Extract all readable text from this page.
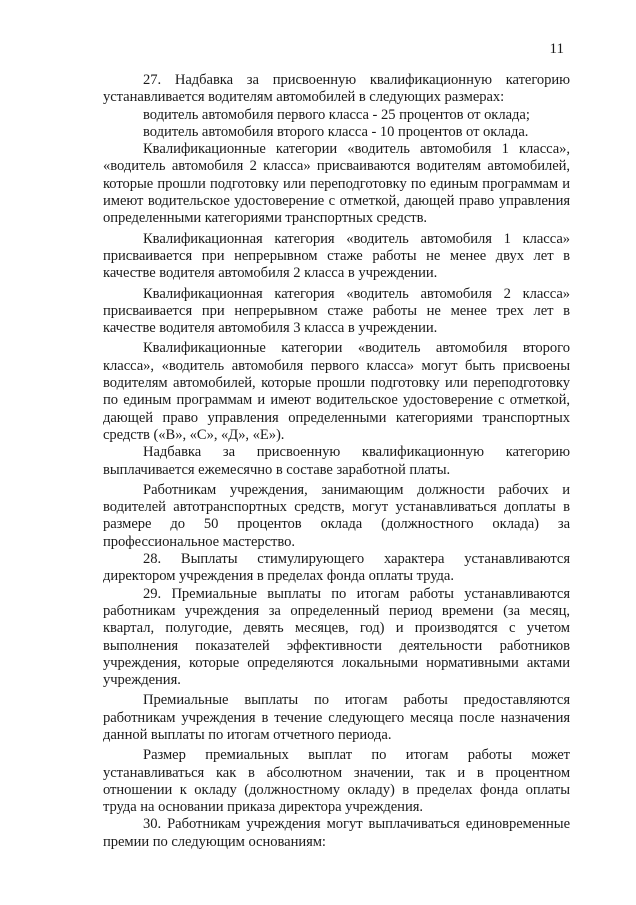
11

27. Надбавка за присвоенную квалификационную категорию устанавливается водителям автомобилей в следующих размерах:

водитель автомобиля первого класса - 25 процентов от оклада;

водитель автомобиля второго класса - 10 процентов от оклада.

Квалификационные категории «водитель автомобиля 1 класса», «водитель автомобиля 2 класса» присваиваются водителям автомобилей, которые прошли подготовку или переподготовку по единым программам и имеют водительское удостоверение с отметкой, дающей право управления определенными категориями транспортных средств.

Квалификационная категория «водитель автомобиля 1 класса» присваивается при непрерывном стаже работы не менее двух лет в качестве водителя автомобиля 2 класса в учреждении.

Квалификационная категория «водитель автомобиля 2 класса» присваивается при непрерывном стаже работы не менее трех лет в качестве водителя автомобиля 3 класса в учреждении.

Квалификационные категории «водитель автомобиля второго класса», «водитель автомобиля первого класса» могут быть присвоены водителям автомобилей, которые прошли подготовку или переподготовку по единым программам и имеют водительское удостоверение с отметкой, дающей право управления определенными категориями транспортных средств («В», «С», «Д», «Е»).

Надбавка за присвоенную квалификационную категорию выплачивается ежемесячно в составе заработной платы.

Работникам учреждения, занимающим должности рабочих и водителей автотранспортных средств, могут устанавливаться доплаты в размере до 50 процентов оклада (должностного оклада) за профессиональное мастерство.

28. Выплаты стимулирующего характера устанавливаются директором учреждения в пределах фонда оплаты труда.

29. Премиальные выплаты по итогам работы устанавливаются работникам учреждения за определенный период времени (за месяц, квартал, полугодие, девять месяцев, год) и производятся с учетом выполнения показателей эффективности деятельности работников учреждения, которые определяются локальными нормативными актами учреждения.

Премиальные выплаты по итогам работы предоставляются работникам учреждения в течение следующего месяца после назначения данной выплаты по итогам отчетного периода.

Размер премиальных выплат по итогам работы может устанавливаться как в абсолютном значении, так и в процентном отношении к окладу (должностному окладу) в пределах фонда оплаты труда на основании приказа директора учреждения.

30. Работникам учреждения могут выплачиваться единовременные премии по следующим основаниям:
